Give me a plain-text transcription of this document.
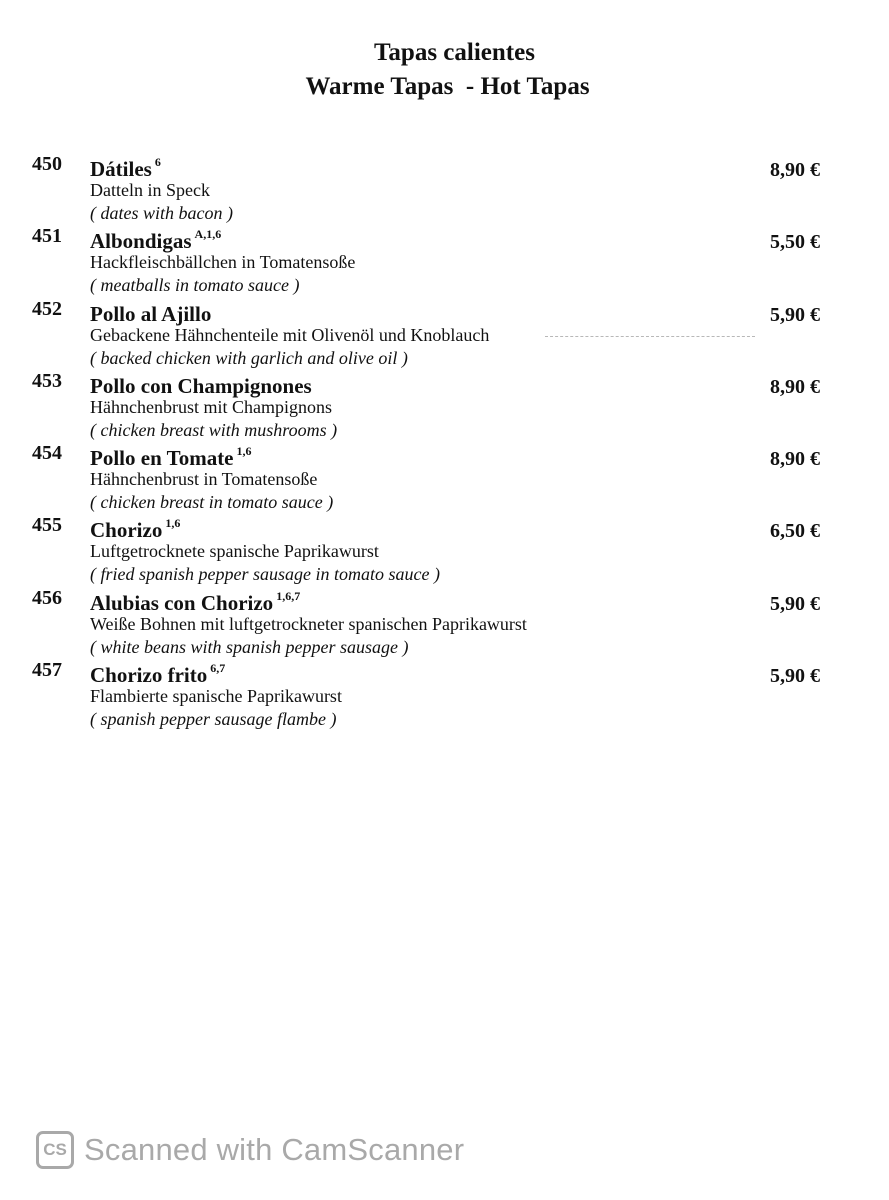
Tapas calientes
Warme Tapas  - Hot Tapas
450 Dátiles $^6$
Datteln in Speck
( dates with bacon )
8,90 €
451 Albondigas $^{A,1,6}$
Hackfleischbällchen in Tomatensoße
( meatballs in tomato sauce )
5,50 €
452 Pollo al Ajillo
Gebackene Hähnchenteile mit Olivenöl und Knoblauch
( backed chicken with garlich and olive oil )
5,90 €
453 Pollo con Champignones
Hähnchenbrust mit Champignons
( chicken breast with mushrooms )
8,90 €
454 Pollo en Tomate $^{1,6}$
Hähnchenbrust in Tomatensoße
( chicken breast in tomato sauce )
8,90 €
455 Chorizo $^{1,6}$
Luftgetrocknete spanische Paprikawurst
( fried spanish pepper sausage in tomato sauce )
6,50 €
456 Alubias con Chorizo $^{1,6,7}$
Weiße Bohnen mit luftgetrockneter spanischen Paprikawurst
( white beans with spanish pepper sausage )
5,90 €
457 Chorizo frito $^{6,7}$
Flambierte spanische Paprikawurst
( spanish pepper sausage flambe )
5,90 €
CS Scanned with CamScanner
